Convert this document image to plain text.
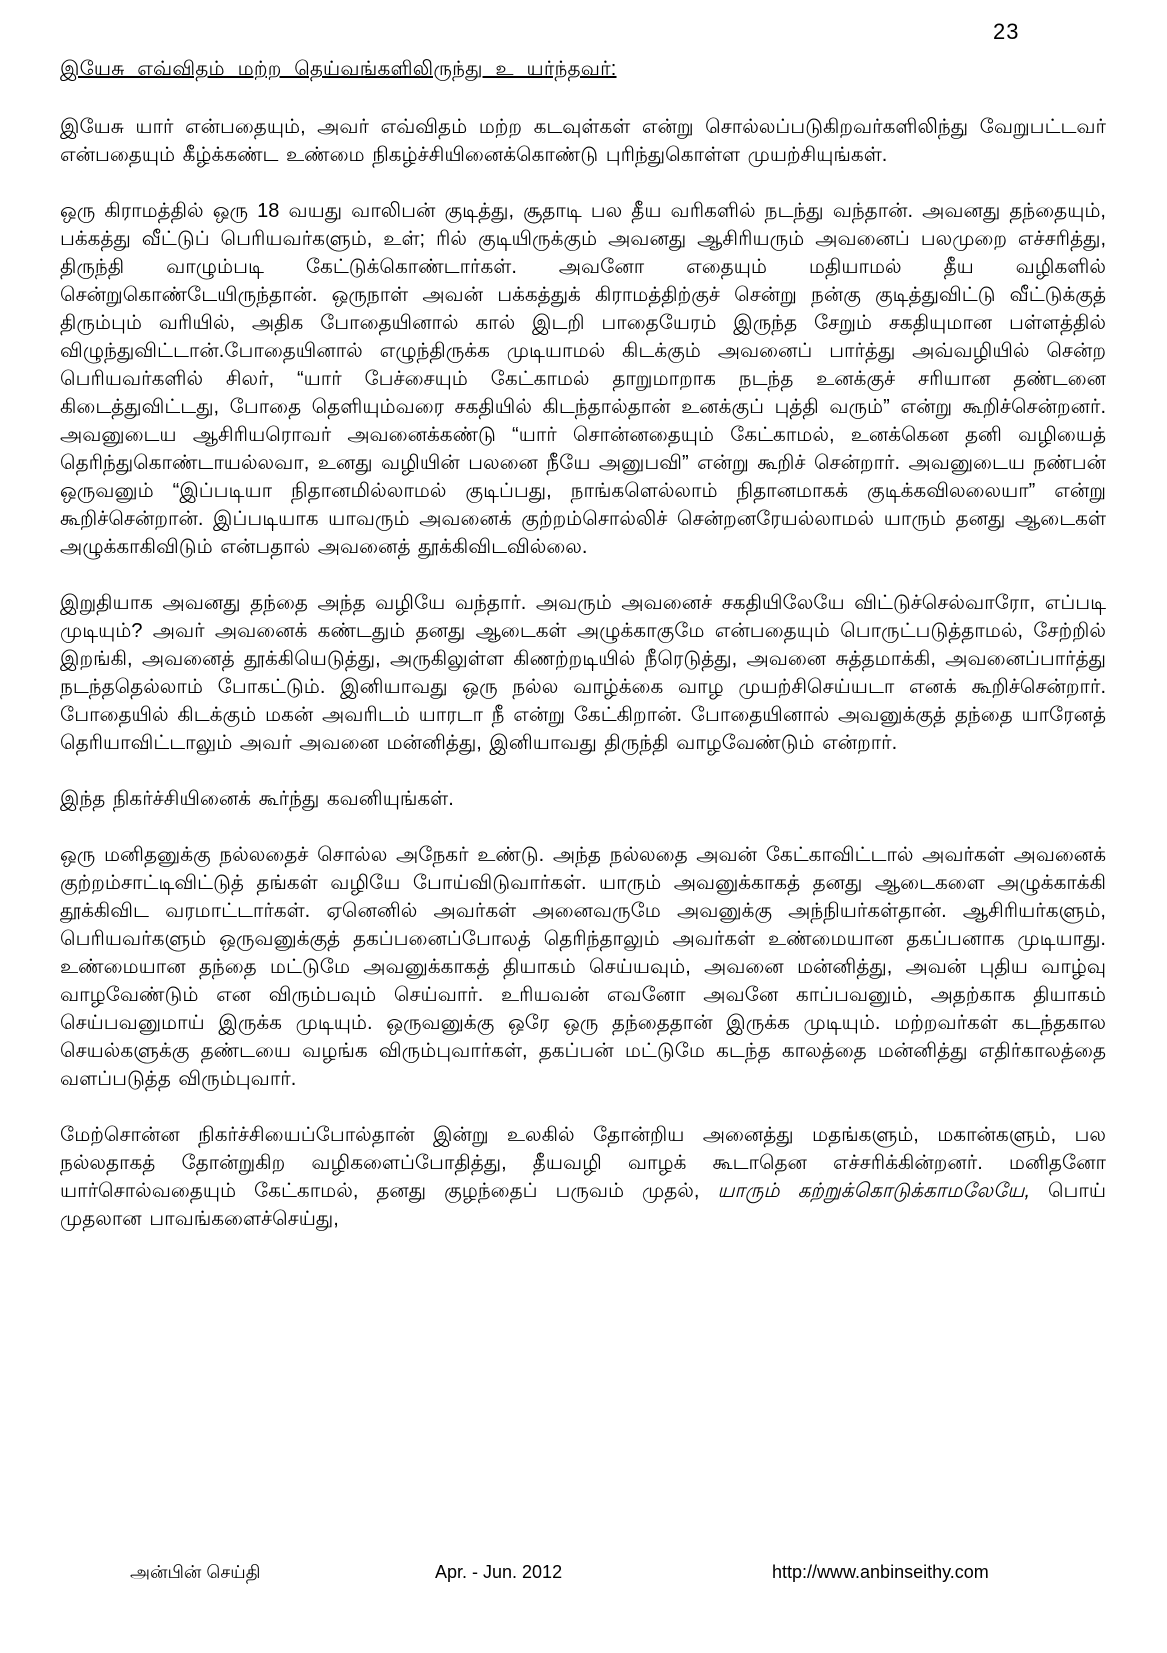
23
இயேசு எவ்விதம் மற்ற தெய்வங்களிலிருந்து உ யர்ந்தவர்:

இயேசு யார் என்பதையும், அவர் எவ்விதம் மற்ற கடவுள்கள் என்று சொல்லப்படுகிறவர்களிலிந்து வேறுபட்டவர் என்பதையும் கீழ்க்கண்ட உண்மை நிகழ்ச்சியினைக்கொண்டு புரிந்துகொள்ள முயற்சியுங்கள்.

ஒரு கிராமத்தில் ஒரு 18 வயது வாலிபன் குடித்து, சூதாடி பல தீய வரிகளில் நடந்து வந்தான். அவனது தந்தையும், பக்கத்து வீட்டுப் பெரியவர்களும், உள்; ரில் குடியிருக்கும் அவனது ஆசிரியரும் அவனைப் பலமுறை எச்சரித்து, திருந்தி வாழும்படி கேட்டுக்கொண்டார்கள். அவனோ எதையும் மதியாமல் தீய வழிகளில் சென்றுகொண்டேயிருந்தான். ஒருநாள் அவன் பக்கத்துக் கிராமத்திற்குச் சென்று நன்கு குடித்துவிட்டு வீட்டுக்குத் திரும்பும் வரியில், அதிக போதையினால் கால் இடறி பாதையேரம் இருந்த சேறும் சகதியுமான பள்ளத்தில் விழுந்துவிட்டான்.போதையினால் எழுந்திருக்க முடியாமல் கிடக்கும் அவனைப் பார்த்து அவ்வழியில் சென்ற பெரியவர்களில் சிலர், “யார் பேச்சையும் கேட்காமல் தாறுமாறாக நடந்த உனக்குச் சரியான தண்டனை கிடைத்துவிட்டது, போதை தெளியும்வரை சகதியில் கிடந்தால்தான் உனக்குப் புத்தி வரும்” என்று கூறிச்சென்றனர். அவனுடைய ஆசிரியரொவர் அவனைக்கண்டு “யார் சொன்னதையும் கேட்காமல், உனக்கென தனி வழியைத் தெரிந்துகொண்டாயல்லவா, உனது வழியின் பலனை நீயே அனுபவி” என்று கூறிச் சென்றார். அவனுடைய நண்பன் ஒருவனும் “இப்படியா நிதானமில்லாமல் குடிப்பது, நாங்களெல்லாம் நிதானமாகக் குடிக்கவிலலையா” என்று கூறிச்சென்றான். இப்படியாக யாவரும் அவனைக் குற்றம்சொல்லிச் சென்றனரேயல்லாமல் யாரும் தனது ஆடைகள் அழுக்காகிவிடும் என்பதால் அவனைத் தூக்கிவிடவில்லை.

இறுதியாக அவனது தந்தை அந்த வழியே வந்தார். அவரும் அவனைச் சகதியிலேயே விட்டுச்செல்வாரோ, எப்படி முடியும்? அவர் அவனைக் கண்டதும் தனது ஆடைகள் அழுக்காகுமே என்பதையும் பொருட்படுத்தாமல், சேற்றில் இறங்கி, அவனைத் தூக்கியெடுத்து, அருகிலுள்ள கிணற்றடியில் நீரெடுத்து, அவனை சுத்தமாக்கி, அவனைப்பார்த்து நடந்ததெல்லாம் போகட்டும். இனியாவது ஒரு நல்ல வாழ்க்கை வாழ முயற்சிசெய்யடா எனக் கூறிச்சென்றார். போதையில் கிடக்கும் மகன் அவரிடம் யாரடா நீ என்று கேட்கிறான். போதையினால் அவனுக்குத் தந்தை யாரேனத் தெரியாவிட்டாலும் அவர் அவனை மன்னித்து, இனியாவது திருந்தி வாழவேண்டும் என்றார்.

இந்த நிகர்ச்சியினைக் கூர்ந்து கவனியுங்கள்.

ஒரு மனிதனுக்கு நல்லதைச் சொல்ல அநேகர் உண்டு. அந்த நல்லதை அவன் கேட்காவிட்டால் அவர்கள் அவனைக் குற்றம்சாட்டிவிட்டுத் தங்கள் வழியே போய்விடுவார்கள். யாரும் அவனுக்காகத் தனது ஆடைகளை அழுக்காக்கி தூக்கிவிட வரமாட்டார்கள். ஏனெனில் அவர்கள் அனைவருமே அவனுக்கு அந்நியர்கள்தான். ஆசிரியர்களும், பெரியவர்களும் ஒருவனுக்குத் தகப்பனைப்போலத் தெரிந்தாலும் அவர்கள் உண்மையான தகப்பனாக முடியாது. உண்மையான தந்தை மட்டுமே அவனுக்காகத் தியாகம் செய்யவும், அவனை மன்னித்து, அவன் புதிய வாழ்வு வாழவேண்டும் என விரும்பவும் செய்வார். உரியவன் எவனோ அவனே காப்பவனும், அதற்காக தியாகம் செய்பவனுமாய் இருக்க முடியும். ஒருவனுக்கு ஒரே ஒரு தந்தைதான் இருக்க முடியும். மற்றவர்கள் கடந்தகால செயல்களுக்கு தண்டயை வழங்க விரும்புவார்கள், தகப்பன் மட்டுமே கடந்த காலத்தை மன்னித்து எதிர்காலத்தை வளப்படுத்த விரும்புவார்.

மேற்சொன்ன நிகர்ச்சியைப்போல்தான் இன்று உலகில் தோன்றிய அனைத்து மதங்களும், மகான்களும், பல நல்லதாகத் தோன்றுகிற வழிகளைப்போதித்து, தீயவழி வாழக் கூடாதென எச்சரிக்கின்றனர். மனிதனோ யார்சொல்வதையும் கேட்காமல், தனது குழந்தைப் பருவம் முதல், யாரும் கற்றுக்கொடுக்காமலேயே, பொய் முதலான பாவங்களைச்செய்து,

அன்பின் செய்தி	Apr. - Jun. 2012	http://www.anbinseithy.com
